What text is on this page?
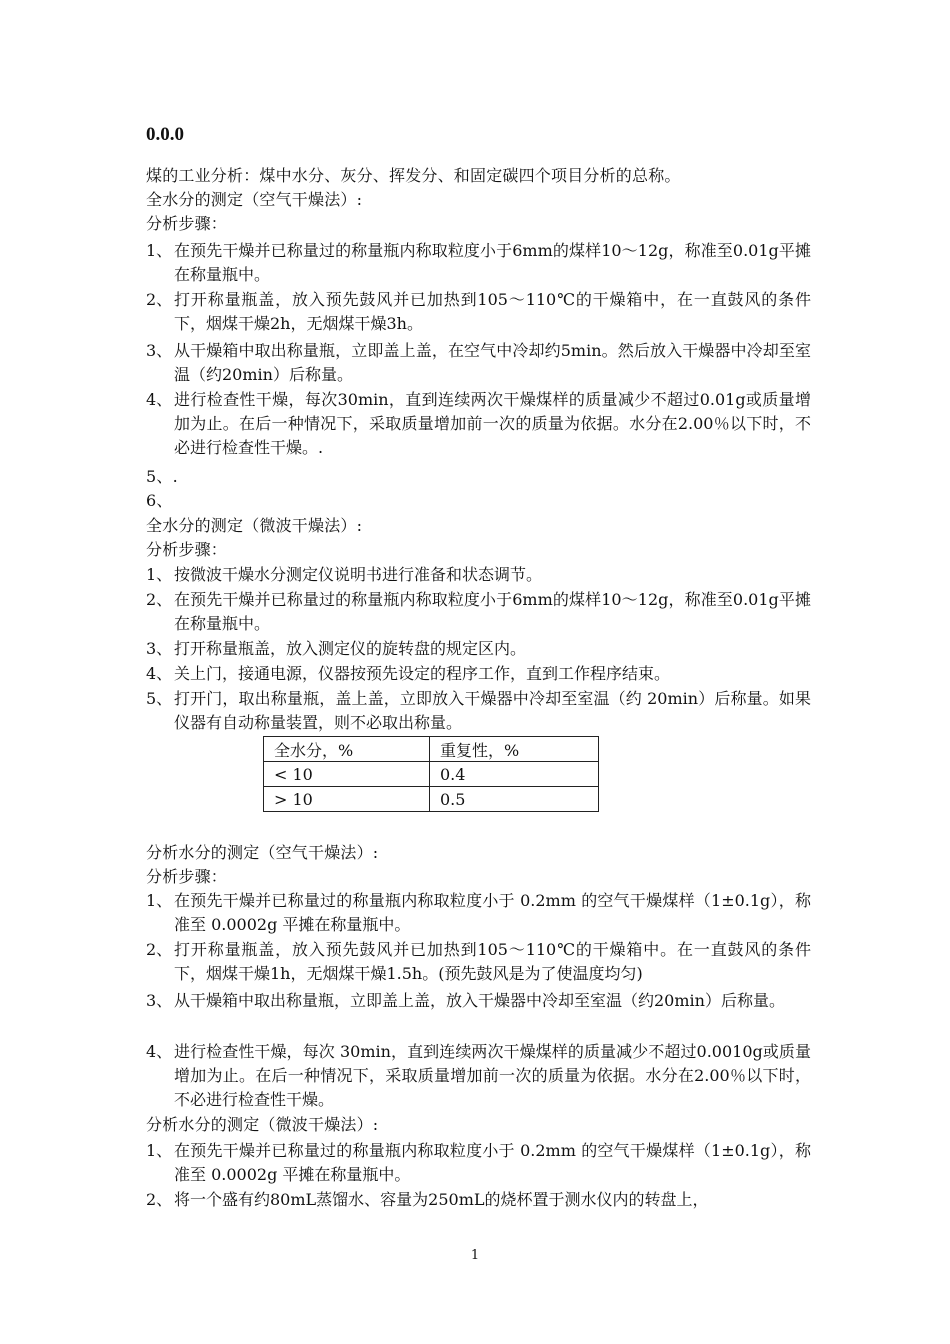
0.0.0
煤的工业分析：煤中水分、灰分、挥发分、和固定碳四个项目分析的总称。
全水分的测定（空气干燥法）:
分析步骤：
1、 在预先干燥并已称量过的称量瓶内称取粒度小于6mm的煤样10～12g，称准至0.01g平摊在称量瓶中。
2、 打开称量瓶盖，放入预先鼓风并已加热到105～110℃的干燥箱中，在一直鼓风的条件下，烟煤干燥2h，无烟煤干燥3h。
3、 从干燥箱中取出称量瓶，立即盖上盖，在空气中冷却约5min。然后放入干燥器中冷却至室温（约20min）后称量。
4、 进行检查性干燥，每次30min，直到连续两次干燥煤样的质量减少不超过0.01g或质量增加为止。在后一种情况下，采取质量增加前一次的质量为依据。水分在2.00％以下时，不必进行检查性干燥。.
5、.
6、
全水分的测定（微波干燥法）:
分析步骤：
1、 按微波干燥水分测定仪说明书进行准备和状态调节。
2、 在预先干燥并已称量过的称量瓶内称取粒度小于6mm的煤样10～12g，称准至0.01g平摊在称量瓶中。
3、 打开称量瓶盖，放入测定仪的旋转盘的规定区内。
4、 关上门，接通电源，仪器按预先设定的程序工作，直到工作程序结束。
5、 打开门，取出称量瓶，盖上盖，立即放入干燥器中冷却至室温（约 20min）后称量。如果仪器有自动称量装置，则不必取出称量。
全水分，%	重复性，%
< 10	0.4
> 10	0.5
分析水分的测定（空气干燥法）:
分析步骤：
1、 在预先干燥并已称量过的称量瓶内称取粒度小于 0.2mm 的空气干燥煤样（1±0.1g），称准至 0.0002g 平摊在称量瓶中。
2、 打开称量瓶盖，放入预先鼓风并已加热到105～110℃的干燥箱中。在一直鼓风的条件下，烟煤干燥1h，无烟煤干燥1.5h。(预先鼓风是为了使温度均匀)
3、 从干燥箱中取出称量瓶，立即盖上盖，放入干燥器中冷却至室温（约20min）后称量。
4、 进行检查性干燥，每次 30min，直到连续两次干燥煤样的质量减少不超过0.0010g或质量增加为止。在后一种情况下，采取质量增加前一次的质量为依据。水分在2.00％以下时，不必进行检查性干燥。
分析水分的测定（微波干燥法）:
1、 在预先干燥并已称量过的称量瓶内称取粒度小于 0.2mm 的空气干燥煤样（1±0.1g），称准至 0.0002g 平摊在称量瓶中。
2、 将一个盛有约80mL蒸馏水、容量为250mL的烧杯置于测水仪内的转盘上，
1
